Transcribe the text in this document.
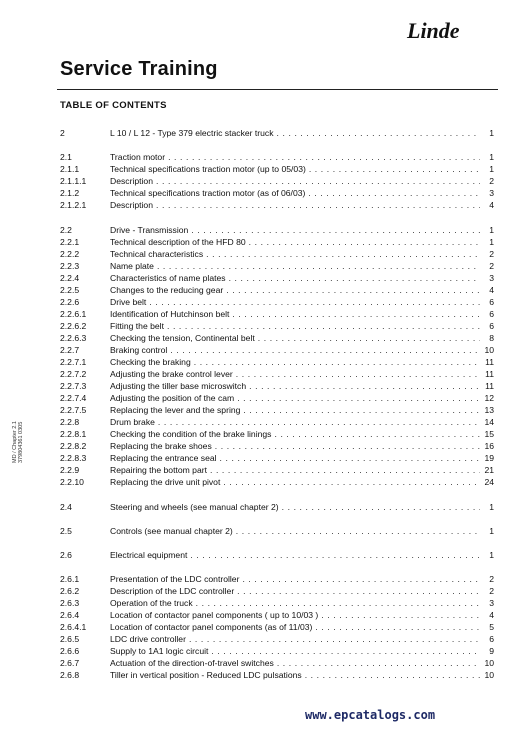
Linde
Service Training
TABLE OF CONTENTS
MD / Chapter 2.1 379804361 0305
2	L 10 / L 12 - Type 379 electric stacker truck . . .	1
2.1	Traction motor . . .	1
2.1.1	Technical specifications traction motor (up to 05/03) . . .	1
2.1.1.1	Description . . .	2
2.1.2	Technical specifications traction motor (as of 06/03) . . .	3
2.1.2.1	Description . . .	4
2.2	Drive - Transmission . . .	1
2.2.1	Technical description of the HFD 80 . . .	1
2.2.2	Technical characteristics . . .	2
2.2.3	Name plate . . .	2
2.2.4	Characteristics of name plates . . .	3
2.2.5	Changes to the reducing gear . . .	4
2.2.6	Drive belt . . .	6
2.2.6.1	Identification of Hutchinson belt . . .	6
2.2.6.2	Fitting the belt . . .	6
2.2.6.3	Checking the tension, Continental belt . . .	8
2.2.7	Braking control . . .	10
2.2.7.1	Checking the braking . . .	11
2.2.7.2	Adjusting the brake control lever . . .	11
2.2.7.3	Adjusting the tiller base microswitch . . .	11
2.2.7.4	Adjusting the position of the cam . . .	12
2.2.7.5	Replacing the lever and the spring . . .	13
2.2.8	Drum brake . . .	14
2.2.8.1	Checking the condition of the brake linings . . .	15
2.2.8.2	Replacing the brake shoes . . .	16
2.2.8.3	Replacing the entrance seal . . .	19
2.2.9	Repairing the bottom part . . .	21
2.2.10	Replacing the drive unit pivot . . .	24
2.4	Steering and wheels (see manual chapter 2) . . .	1
2.5	Controls (see manual chapter 2) . . .	1
2.6	Electrical equipment . . .	1
2.6.1	Presentation of the LDC controller . . .	2
2.6.2	Description of the LDC controller . . .	2
2.6.3	Operation of the truck . . .	3
2.6.4	Location of contactor panel components ( up to 10/03 ) . . .	4
2.6.4.1	Location of contactor panel components (as of 11/03) . . .	5
2.6.5	LDC drive controller . . .	6
2.6.6	Supply to 1A1 logic circuit . . .	9
2.6.7	Actuation of the direction-of-travel switches . . .	10
2.6.8	Tiller in vertical position - Reduced LDC pulsations . . .	10
www.epcatalogs.com
